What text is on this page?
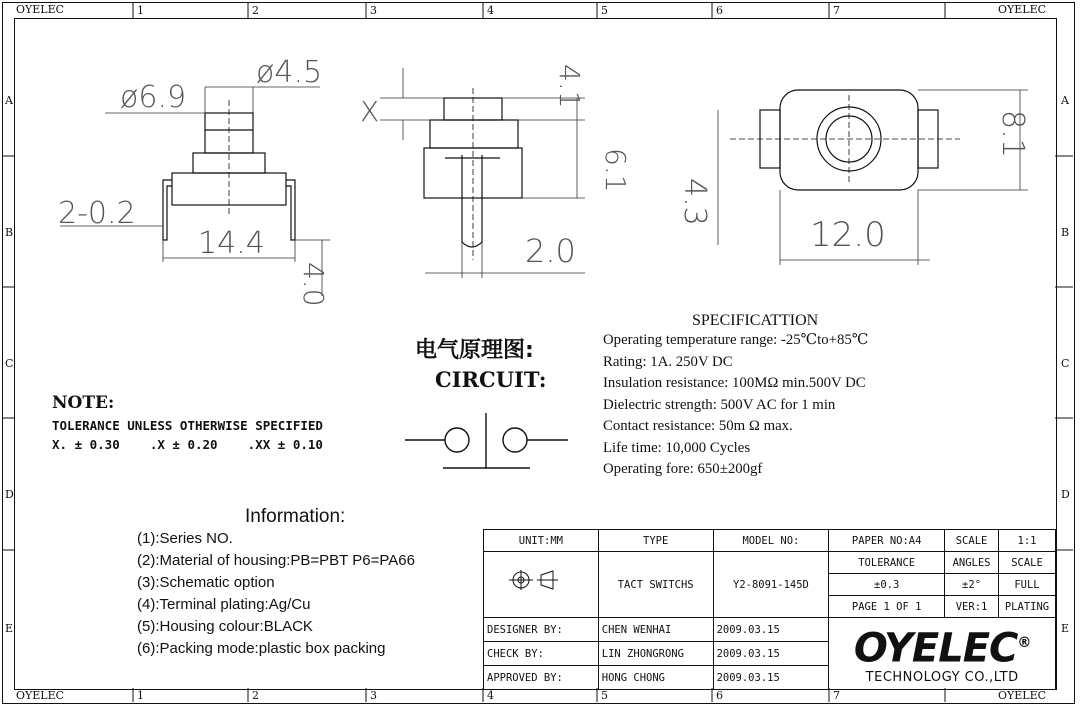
OYELEC	OYELEC
OYELEC	OYELEC
1	2	3	4	5	6	7
1	2	3	4	5	6	7
A
B
C
D
E
A
B
C
D
E
ø6.9
ø4.5
2-0.2
14.4
4.0
X
4.1
6.1
2.0
8.1
4.3
12.0
电气原理图:
CIRCUIT:
NOTE:
TOLERANCE UNLESS OTHERWISE SPECIFIED
X. ± 0.30    .X ± 0.20    .XX ± 0.10
SPECIFICATTION
Operating temperature range: -25℃to+85℃
Rating: 1A. 250V DC
Insulation resistance: 100MΩ min.500V DC
Dielectric strength: 500V AC for 1 min
Contact resistance: 50m Ω max.
Life time: 10,000 Cycles
Operating fore: 650±200gf
Information:
(1):Series NO.
(2):Material of housing:PB=PBT P6=PA66
(3):Schematic option
(4):Terminal plating:Ag/Cu
(5):Housing colour:BLACK
(6):Packing mode:plastic box packing
UNIT:MM	TYPE	MODEL NO:	PAPER NO:A4	SCALE	1:1
	TACT SWITCHS	Y2-8091-145D	TOLERANCE	ANGLES	SCALE
			±0.3	±2°	FULL
			PAGE 1 OF 1	VER:1	PLATING
DESIGNER BY:	CHEN WENHAI	2009.03.15	OYELEC®
TECHNOLOGY CO.,LTD		

CHECK BY:	LIN ZHONGRONG	2009.03.15			
APPROVED BY:	HONG CHONG	2009.03.15			
